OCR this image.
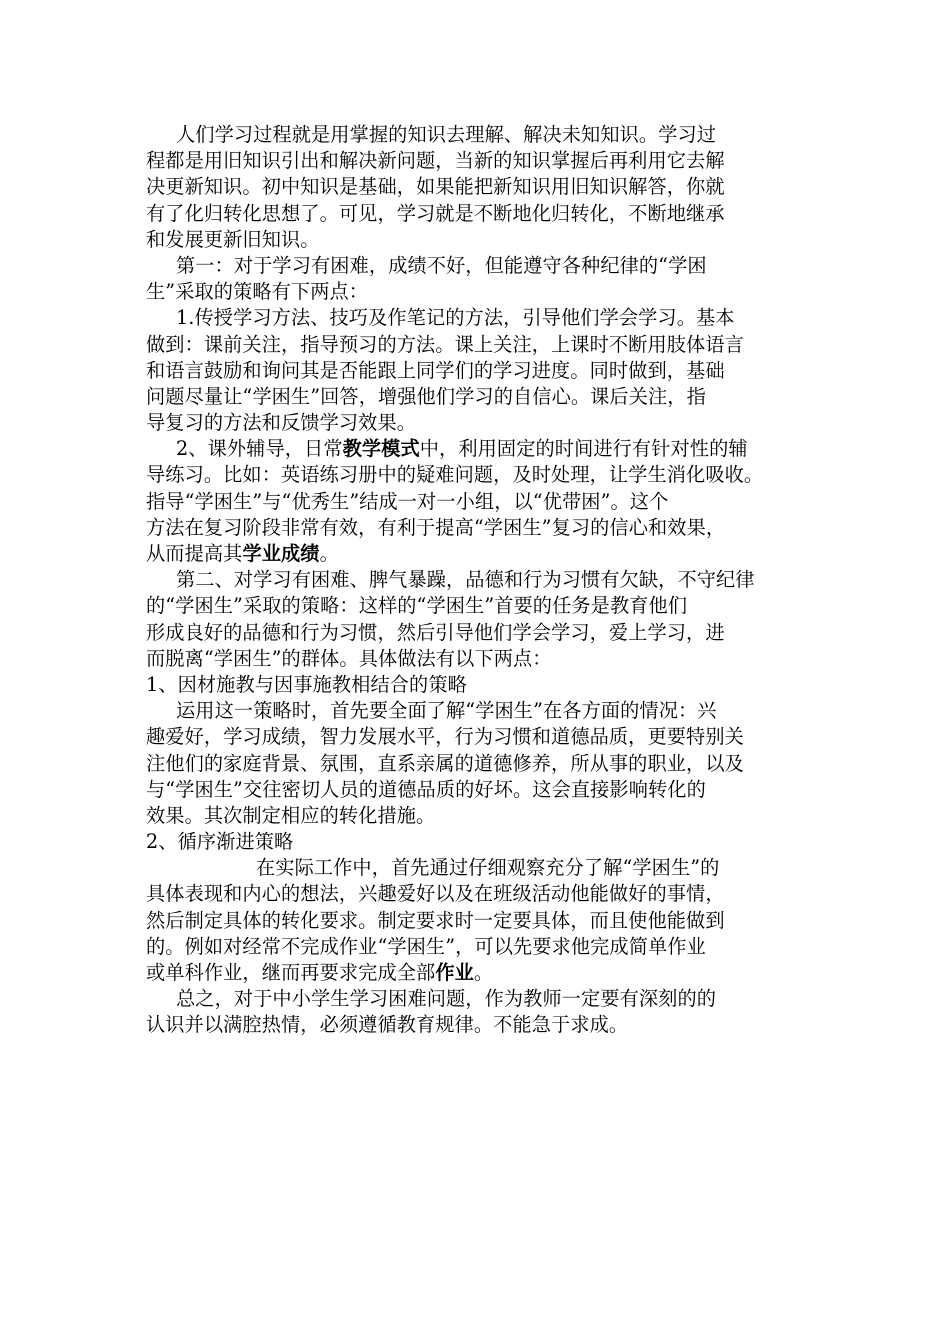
人们学习过程就是用掌握的知识去理解、解决未知知识。学习过
程都是用旧知识引出和解决新问题，当新的知识掌握后再利用它去解
决更新知识。初中知识是基础，如果能把新知识用旧知识解答，你就
有了化归转化思想了。可见，学习就是不断地化归转化，不断地继承
和发展更新旧知识。
第一：对于学习有困难，成绩不好，但能遵守各种纪律的“学困
生”采取的策略有下两点：
1.传授学习方法、技巧及作笔记的方法，引导他们学会学习。基本
做到：课前关注，指导预习的方法。课上关注，上课时不断用肢体语言
和语言鼓励和询问其是否能跟上同学们的学习进度。同时做到，基础
问题尽量让“学困生”回答，增强他们学习的自信心。课后关注，指
导复习的方法和反馈学习效果。
2、课外辅导，日常教学模式中，利用固定的时间进行有针对性的辅
导练习。比如：英语练习册中的疑难问题，及时处理，让学生消化吸收。
指导“学困生”与“优秀生”结成一对一小组，以“优带困”。这个
方法在复习阶段非常有效，有利于提高“学困生”复习的信心和效果，
从而提高其学业成绩。
第二、对学习有困难、脾气暴躁，品德和行为习惯有欠缺，不守纪律
的“学困生”采取的策略：这样的“学困生”首要的任务是教育他们
形成良好的品德和行为习惯，然后引导他们学会学习，爱上学习，进
而脱离“学困生”的群体。具体做法有以下两点：
1、因材施教与因事施教相结合的策略
运用这一策略时，首先要全面了解“学困生”在各方面的情况：兴
趣爱好，学习成绩，智力发展水平，行为习惯和道德品质，更要特别关
注他们的家庭背景、氛围，直系亲属的道德修养，所从事的职业，以及
与“学困生”交往密切人员的道德品质的好坏。这会直接影响转化的
效果。其次制定相应的转化措施。
2、循序渐进策略
在实际工作中，首先通过仔细观察充分了解“学困生”的
具体表现和内心的想法，兴趣爱好以及在班级活动他能做好的事情，
然后制定具体的转化要求。制定要求时一定要具体，而且使他能做到
的。例如对经常不完成作业“学困生”，可以先要求他完成简单作业
或单科作业，继而再要求完成全部作业。
总之，对于中小学生学习困难问题，作为教师一定要有深刻的的
认识并以满腔热情，必须遵循教育规律。不能急于求成。
